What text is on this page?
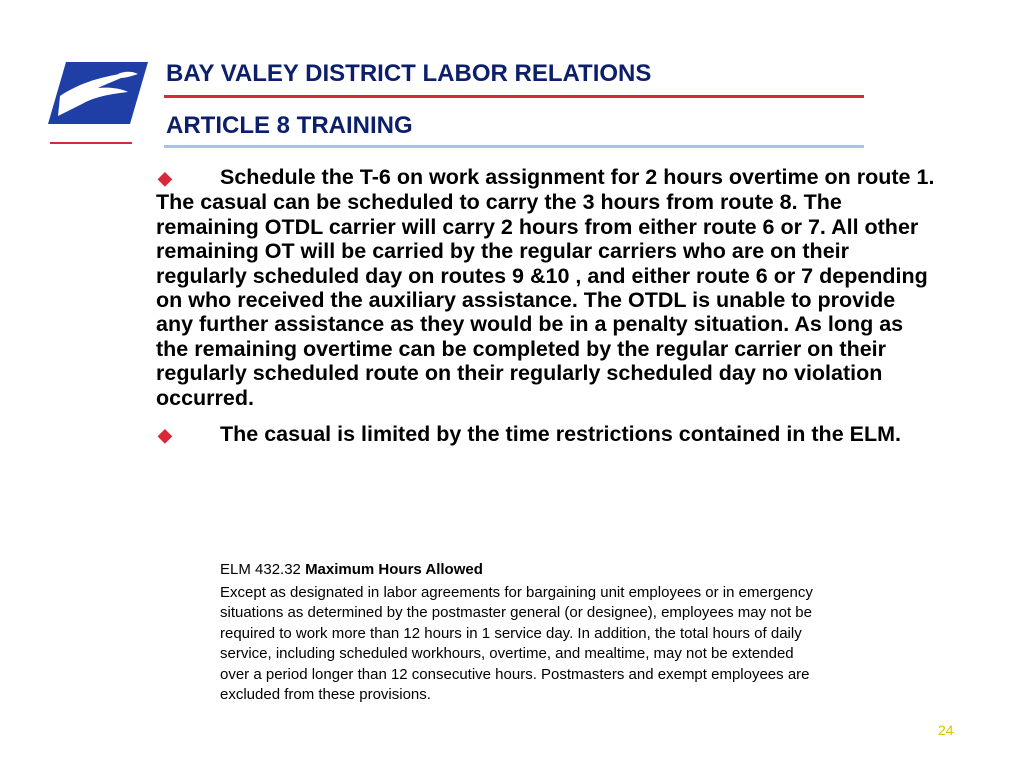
BAY VALEY DISTRICT LABOR RELATIONS
ARTICLE 8 TRAINING

◆ Schedule the T-6 on work assignment for 2 hours overtime on route 1. The casual can be scheduled to carry the 3 hours from route 8. The remaining OTDL carrier will carry 2 hours from either route 6 or 7. All other remaining OT will be carried by the regular carriers who are on their regularly scheduled day on routes 9 &10 , and either route 6 or 7 depending on who received the auxiliary assistance. The OTDL is unable to provide any further assistance as they would be in a penalty situation. As long as the remaining overtime can be completed by the regular carrier on their regularly scheduled route on their regularly scheduled day no violation occurred.

◆ The casual is limited by the time restrictions contained in the ELM.

ELM 432.32 Maximum Hours Allowed
Except as designated in labor agreements for bargaining unit employees or in emergency situations as determined by the postmaster general (or designee), employees may not be required to work more than 12 hours in 1 service day. In addition, the total hours of daily service, including scheduled workhours, overtime, and mealtime, may not be extended over a period longer than 12 consecutive hours. Postmasters and exempt employees are excluded from these provisions.
24
